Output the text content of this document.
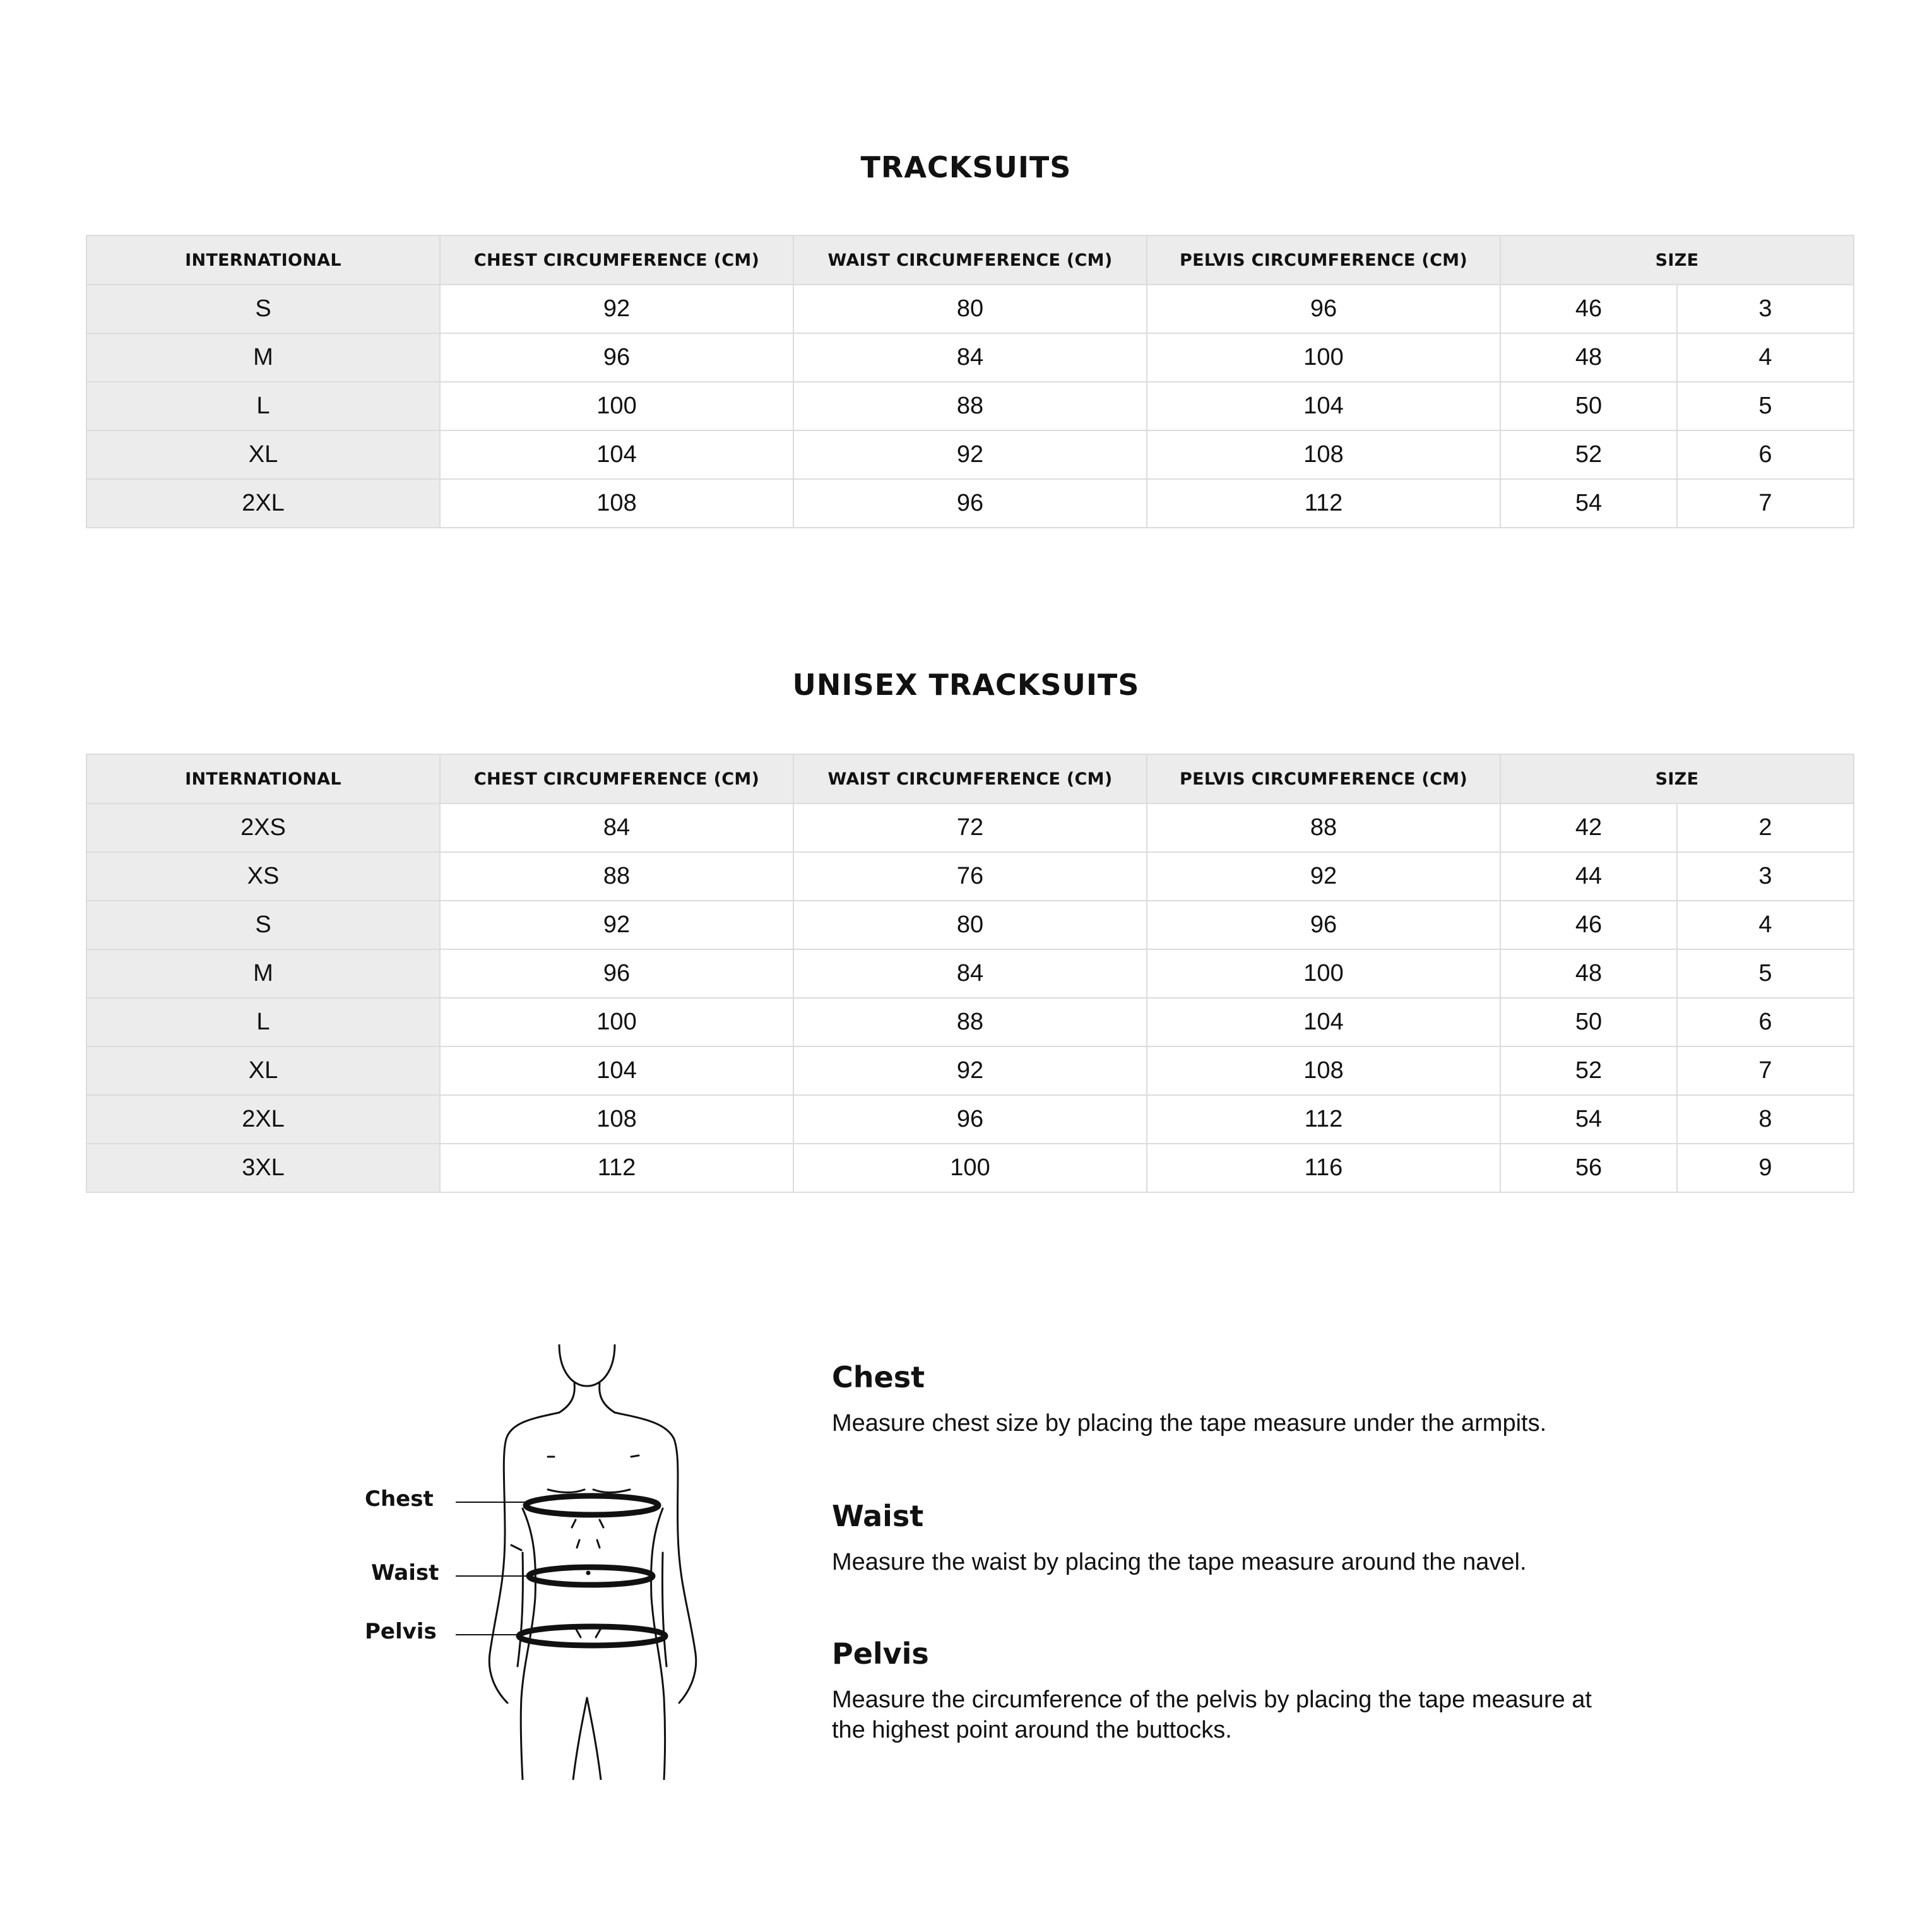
TRACKSUITS
INTERNATIONAL	CHEST CIRCUMFERENCE (CM)	WAIST CIRCUMFERENCE (CM)	PELVIS CIRCUMFERENCE (CM)	SIZE	
S	92	80	96	46	3
M	96	84	100	48	4
L	100	88	104	50	5
XL	104	92	108	52	6
2XL	108	96	112	54	7
UNISEX TRACKSUITS
INTERNATIONAL	CHEST CIRCUMFERENCE (CM)	WAIST CIRCUMFERENCE (CM)	PELVIS CIRCUMFERENCE (CM)	SIZE	
2XS	84	72	88	42	2
XS	88	76	92	44	3
S	92	80	96	46	4
M	96	84	100	48	5
L	100	88	104	50	6
XL	104	92	108	52	7
2XL	108	96	112	54	8
3XL	112	100	116	56	9
Chest
Waist
Pelvis
Chest

Measure chest size by placing the tape measure under the armpits.

Waist

Measure the waist by placing the tape measure around the navel.

Pelvis

Measure the circumference of the pelvis by placing the tape measure at the highest point around the buttocks.
